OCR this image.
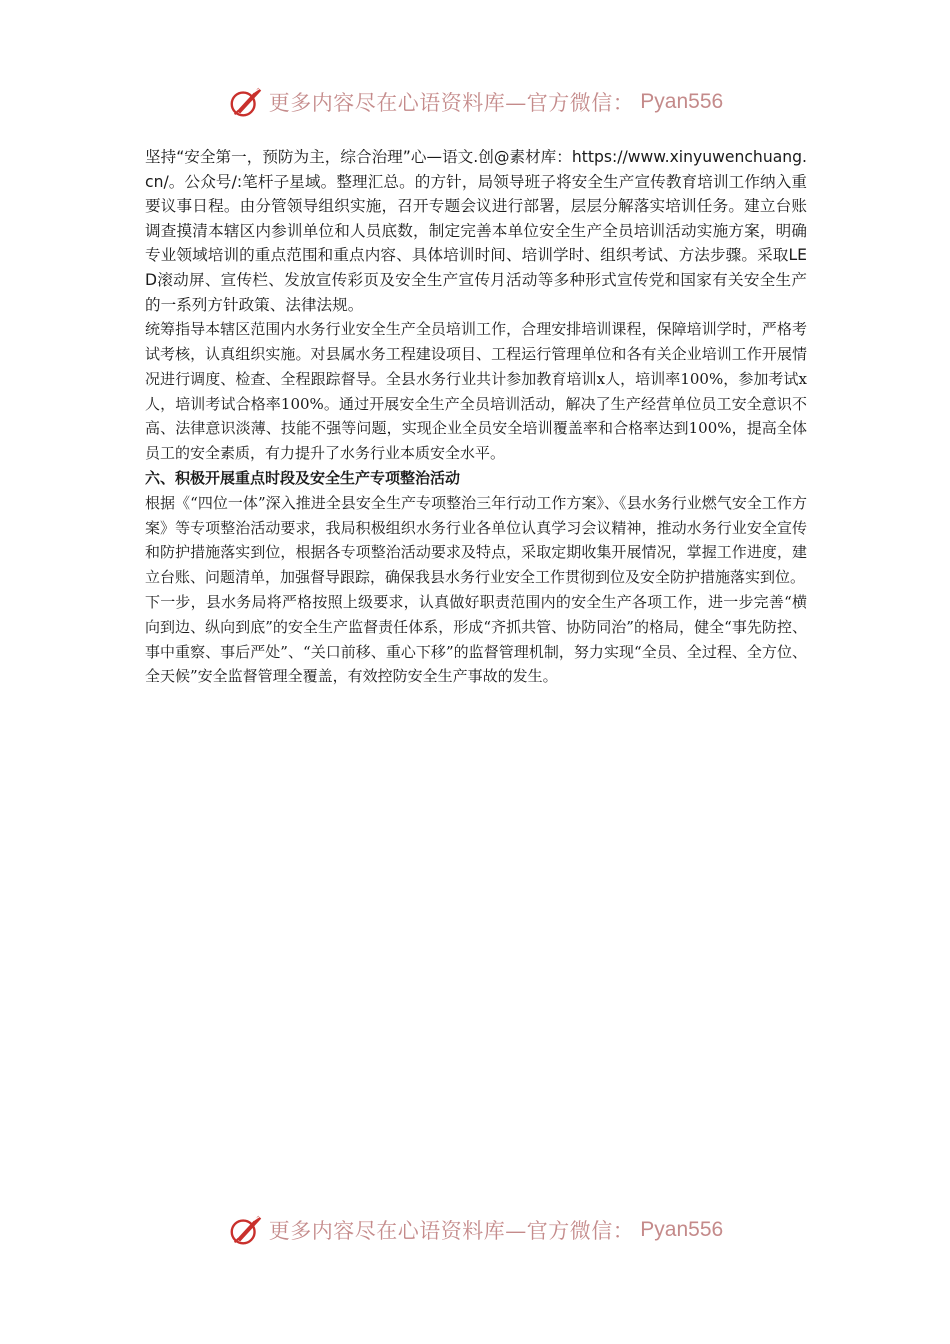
更多内容尽在心语资料库—官方微信： Pyan556

坚持“安全第一，预防为主，综合治理”心—语文.创@素材库：https://www.xinyuwenchuang.cn/。公众号/:笔杆子星域。整理汇总。的方针，局领导班子将安全生产宣传教育培训工作纳入重要议事日程。由分管领导组织实施，召开专题会议进行部署，层层分解落实培训任务。建立台账调查摸清本辖区内参训单位和人员底数，制定完善本单位安全生产全员培训活动实施方案，明确专业领域培训的重点范围和重点内容、具体培训时间、培训学时、组织考试、方法步骤。采取LED滚动屏、宣传栏、发放宣传彩页及安全生产宣传月活动等多种形式宣传党和国家有关安全生产的一系列方针政策、法律法规。

统筹指导本辖区范围内水务行业安全生产全员培训工作，合理安排培训课程，保障培训学时，严格考试考核，认真组织实施。对县属水务工程建设项目、工程运行管理单位和各有关企业培训工作开展情况进行调度、检查、全程跟踪督导。全县水务行业共计参加教育培训x人，培训率100%，参加考试x人，培训考试合格率100%。通过开展安全生产全员培训活动，解决了生产经营单位员工安全意识不高、法律意识淡薄、技能不强等问题，实现企业全员安全培训覆盖率和合格率达到100%，提高全体员工的安全素质，有力提升了水务行业本质安全水平。

六、积极开展重点时段及安全生产专项整治活动

根据《“四位一体”深入推进全县安全生产专项整治三年行动工作方案》、《县水务行业燃气安全工作方案》等专项整治活动要求，我局积极组织水务行业各单位认真学习会议精神，推动水务行业安全宣传和防护措施落实到位，根据各专项整治活动要求及特点，采取定期收集开展情况，掌握工作进度，建立台账、问题清单，加强督导跟踪，确保我县水务行业安全工作贯彻到位及安全防护措施落实到位。

下一步，县水务局将严格按照上级要求，认真做好职责范围内的安全生产各项工作，进一步完善“横向到边、纵向到底”的安全生产监督责任体系，形成“齐抓共管、协防同治”的格局，健全“事先防控、事中重察、事后严处”、“关口前移、重心下移”的监督管理机制，努力实现“全员、全过程、全方位、全天候”安全监督管理全覆盖，有效控防安全生产事故的发生。

更多内容尽在心语资料库—官方微信： Pyan556
